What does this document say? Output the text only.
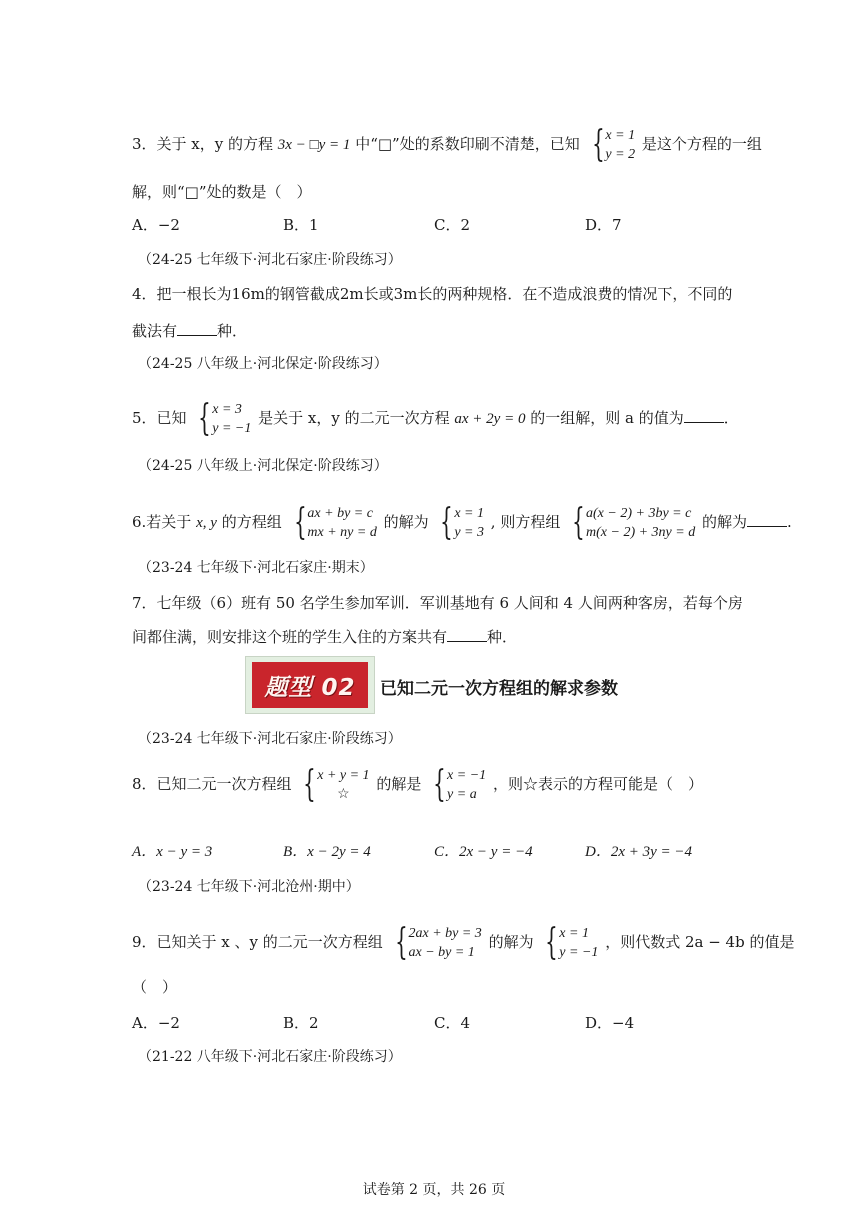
3．关于 x，y 的方程 3x − □y = 1 中“□”处的系数印刷不清楚，已知 { x = 1
y = 2
是这个方程的一组
解，则“□”处的数是（　）
A．−2	B．1	C．2	D．7
（24-25 七年级下·河北石家庄·阶段练习）
4．把一根长为16m的钢管截成2m长或3m长的两种规格．在不造成浪费的情况下，不同的
截法有	种．
（24-25 八年级上·河北保定·阶段练习）
5．已知 { x = 3
y = −1
是关于 x，y 的二元一次方程 ax + 2y = 0 的一组解，则 a 的值为	．
（24-25 八年级上·河北保定·阶段练习）
6.若关于 x, y 的方程组 { ax + by = c
mx + ny = d
的解为 { x = 1
y = 3
, 则方程组 { a(x − 2) + 3by = c
m(x − 2) + 3ny = d
的解为	.
（23-24 七年级下·河北石家庄·期末）
7．七年级（6）班有 50 名学生参加军训．军训基地有 6 人间和 4 人间两种客房，若每个房
间都住满，则安排这个班的学生入住的方案共有	种．
题型 02	已知二元一次方程组的解求参数
（23-24 七年级下·河北石家庄·阶段练习）
8．已知二元一次方程组 { x + y = 1
☆
的解是 { x = −1
y = a
，则☆表示的方程可能是（　）
A．x − y = 3	B．x − 2y = 4	C．2x − y = −4	D．2x + 3y = −4
（23-24 七年级下·河北沧州·期中）
9．已知关于 x 、y 的二元一次方程组 { 2ax + by = 3
ax − by = 1
的解为 { x = 1
y = −1
，则代数式 2a − 4b 的值是
（　）
A．−2	B．2	C．4	D．−4
（21-22 八年级下·河北石家庄·阶段练习）
试卷第 2 页，共 26 页
